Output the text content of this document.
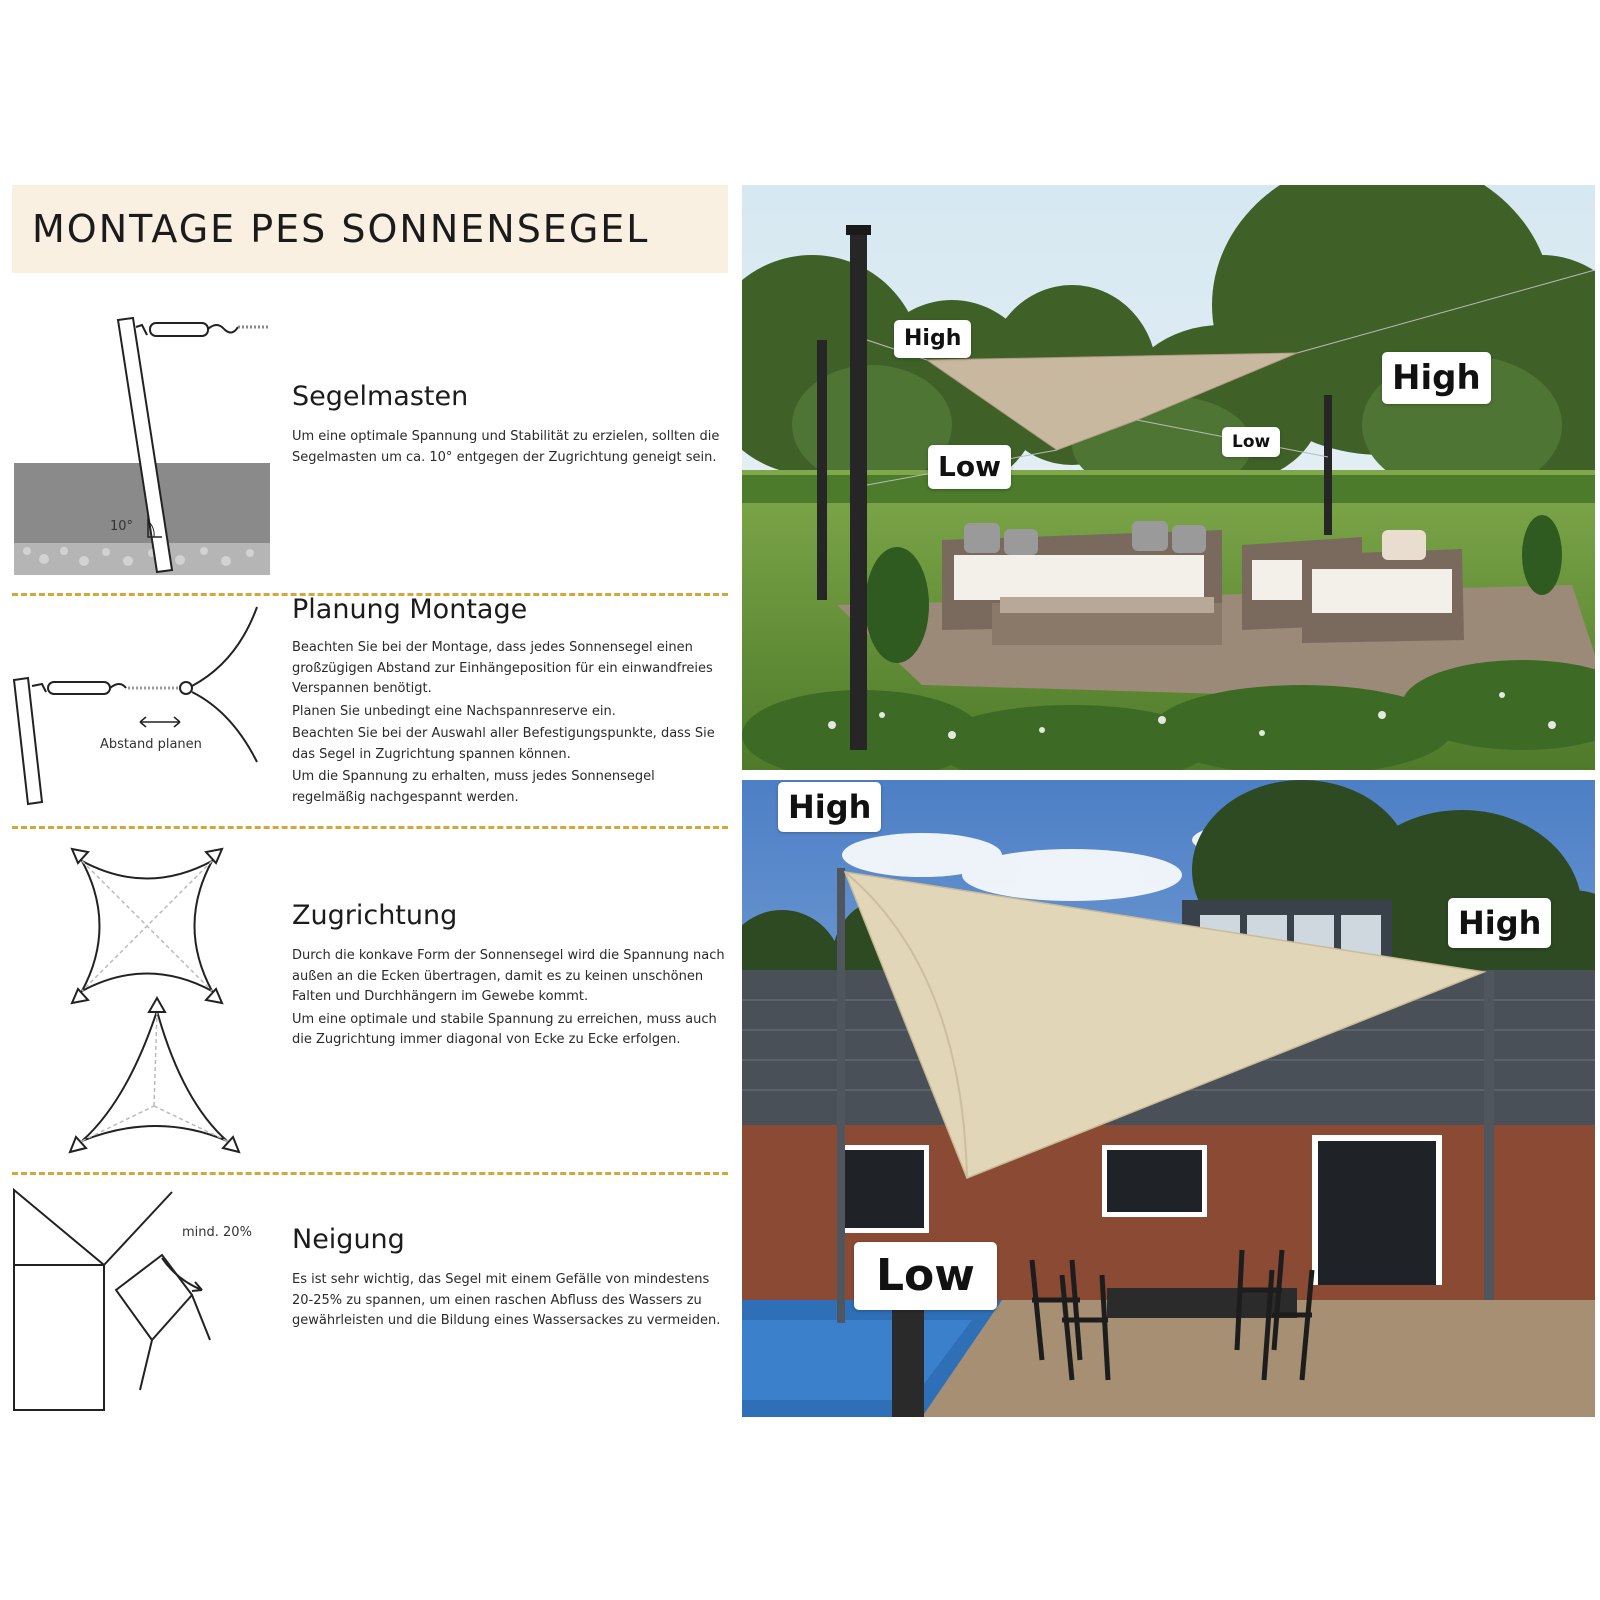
MONTAGE PES SONNENSEGEL
10°
Segelmasten

Um eine optimale Spannung und Stabilität zu erzielen, sollten die Segelmasten um ca. 10° entgegen der Zugrichtung geneigt sein.

Abstand planen
Planung Montage

Beachten Sie bei der Montage, dass jedes Sonnensegel einen großzügigen Abstand zur Einhängeposition für ein einwandfreies Verspannen benötigt.

Planen Sie unbedingt eine Nachspannreserve ein.

Beachten Sie bei der Auswahl aller Befestigungspunkte, dass Sie das Segel in Zugrichtung spannen können.

Um die Spannung zu erhalten, muss jedes Sonnensegel regelmäßig nachgespannt werden.

Zugrichtung

Durch die konkave Form der Sonnensegel wird die Spannung nach außen an die Ecken übertragen, damit es zu keinen unschönen Falten und Durchhängern im Gewebe kommt.

Um eine optimale und stabile Spannung zu erreichen, muss auch die Zugrichtung immer diagonal von Ecke zu Ecke erfolgen.

mind. 20% Neigung

Es ist sehr wichtig, das Segel mit einem Gefälle von mindestens 20-25% zu spannen, um einen raschen Abfluss des Wassers zu gewährleisten und die Bildung eines Wassersackes zu vermeiden.

High
High
Low
Low
High
High
Low
